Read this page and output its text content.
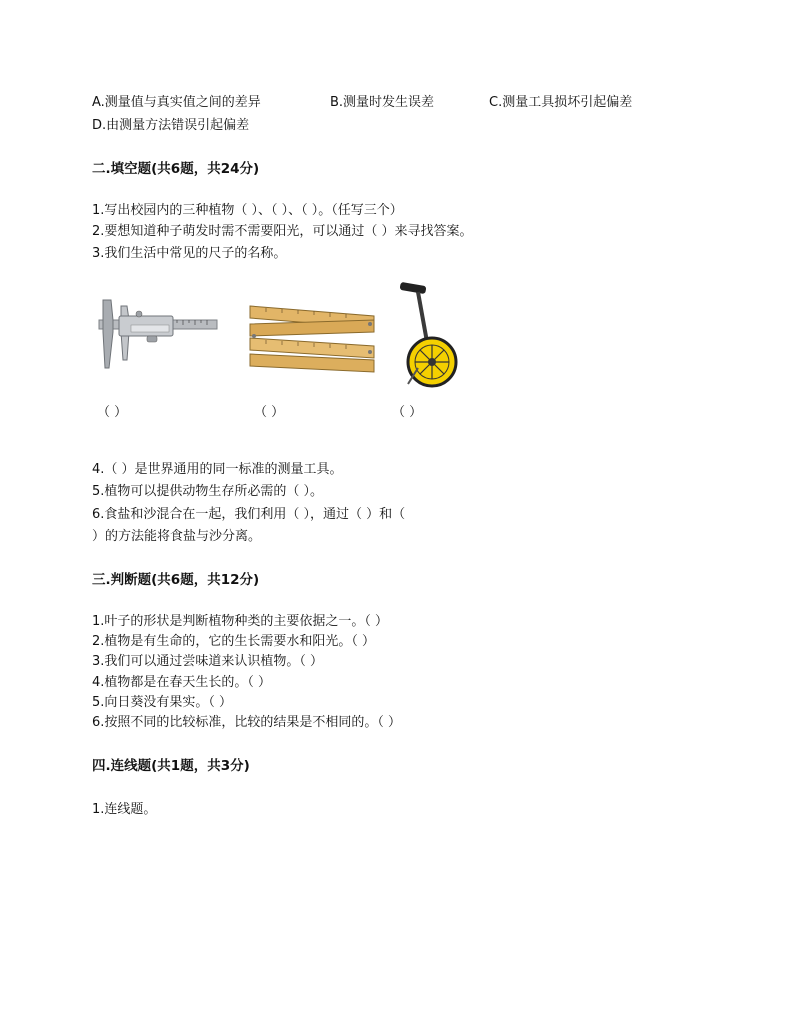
A.测量值与真实值之间的差异	B.测量时发生误差	C.测量工具损坏引起偏差
D.由测量方法错误引起偏差
二.填空题(共6题，共24分)
1.写出校园内的三种植物（ ）、（ ）、（ ）。（任写三个）
2.要想知道种子萌发时需不需要阳光，可以通过（ ）来寻找答案。
3.我们生活中常见的尺子的名称。
（ ）	（ ）	（ ）
4.（ ）是世界通用的同一标准的测量工具。
5.植物可以提供动物生存所必需的（ ）。
6.食盐和沙混合在一起，我们利用（ ），通过（ ）和（
）的方法能将食盐与沙分离。
三.判断题(共6题，共12分)
1.叶子的形状是判断植物种类的主要依据之一。（ ）
2.植物是有生命的，它的生长需要水和阳光。（ ）
3.我们可以通过尝味道来认识植物。（ ）
4.植物都是在春天生长的。（ ）
5.向日葵没有果实。（ ）
6.按照不同的比较标准，比较的结果是不相同的。（ ）
四.连线题(共1题，共3分)
1.连线题。
